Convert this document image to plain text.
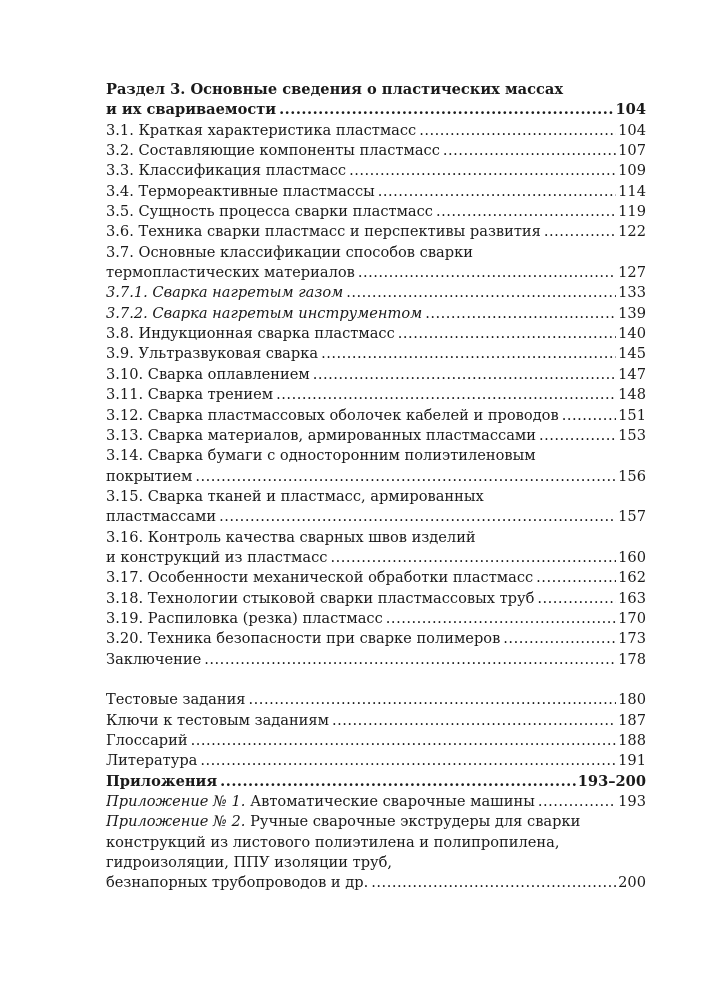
Раздел 3. Основные сведения о пластических массах
и их свариваемости .....	104
3.1. Краткая характеристика пластмасс .....	104
3.2. Составляющие компоненты пластмасс .....	107
3.3. Классификация пластмасс .....	109
3.4. Термореактивные пластмассы .....	114
3.5. Сущность процесса сварки пластмасс .....	119
3.6. Техника сварки пластмасс и перспективы развития .....	122
3.7. Основные классификации способов сварки
термопластических материалов .....	127
3.7.1. Сварка нагретым газом .....	133
3.7.2. Сварка нагретым инструментом .....	139
3.8. Индукционная сварка пластмасс .....	140
3.9. Ультразвуковая сварка .....	145
3.10. Сварка оплавлением .....	147
3.11. Сварка трением .....	148
3.12. Сварка пластмассовых оболочек кабелей и проводов .....	151
3.13. Сварка материалов, армированных пластмассами .....	153
3.14. Сварка бумаги с односторонним полиэтиленовым
покрытием .....	156
3.15. Сварка тканей и пластмасс, армированных
пластмассами .....	157
3.16. Контроль качества сварных швов изделий
и конструкций из пластмасс .....	160
3.17. Особенности механической обработки пластмасс .....	162
3.18. Технологии стыковой сварки пластмассовых труб .....	163
3.19. Распиловка (резка) пластмасс .....	170
3.20. Техника безопасности при сварке полимеров .....	173
Заключение .....	178
Тестовые задания .....	180
Ключи к тестовым заданиям .....	187
Глоссарий .....	188
Литература .....	191
Приложения .....	193–200
Приложение № 1. Автоматические сварочные машины .....	193
Приложение № 2. Ручные сварочные экструдеры для сварки
конструкций из листового полиэтилена и полипропилена,
гидроизоляции, ППУ изоляции труб,
безнапорных трубопроводов и др. .....	200
